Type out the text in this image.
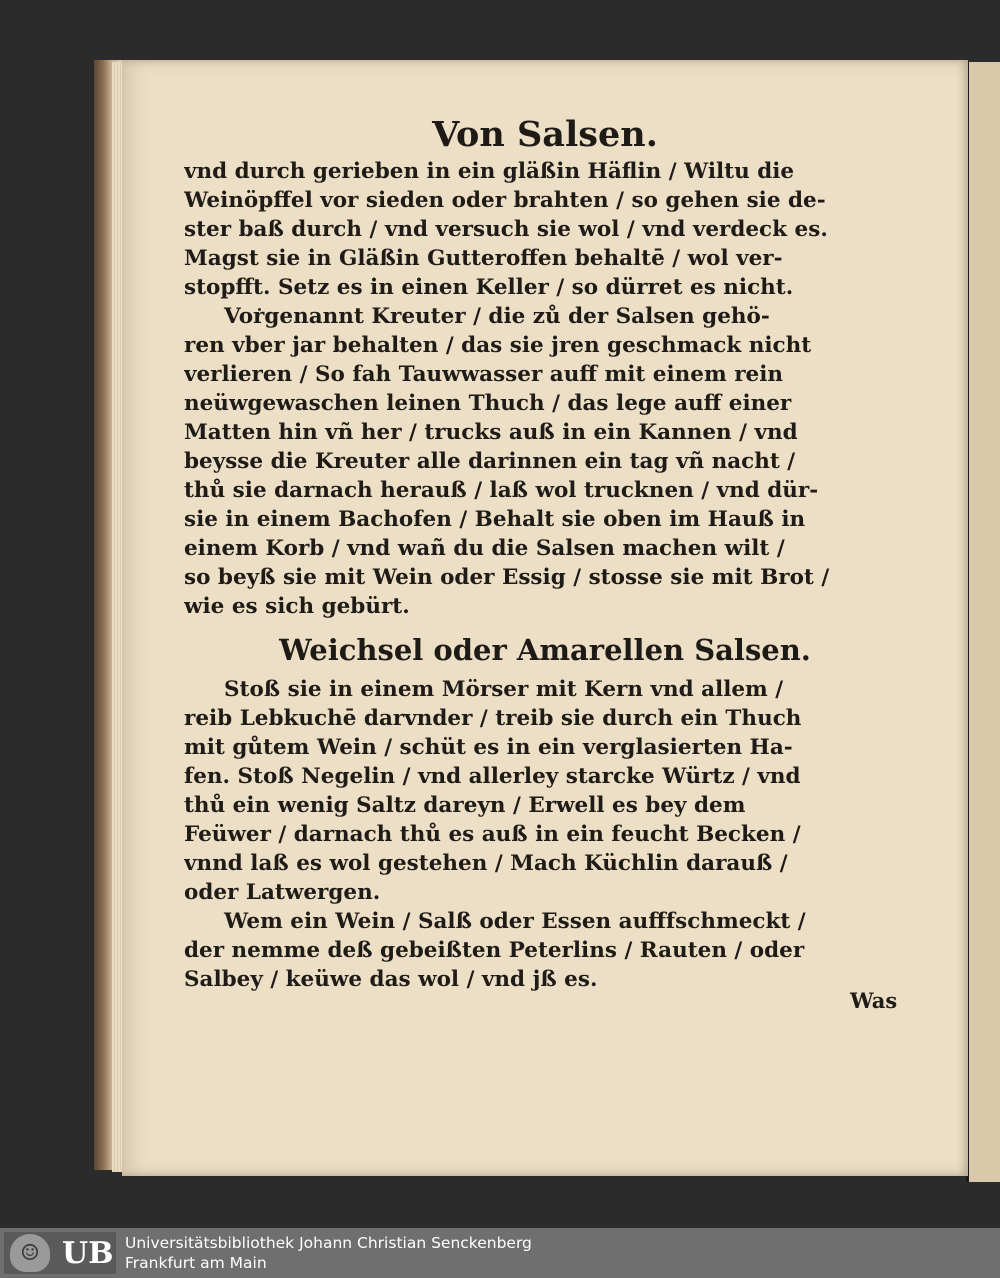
Von Salsen.
vnd durch gerieben in ein gläßin Häflin / Wiltu die
Weinöpffel vor sieden oder brahten / so gehen sie de-
ster baß durch / vnd versuch sie wol / vnd verdeck es.
Magst sie in Gläßin Gutteroffen behaltē / wol ver-
stopfft. Setz es in einen Keller / so dürret es nicht.
Vorgenannt Kreuter / die zů der Salsen gehö-
ren vber jar behalten / das sie jren geschmack nicht
verlieren / So fah Tauwwasser auff mit einem rein
neüwgewaschen leinen Thuch / das lege auff einer
Matten hin vñ her / trucks auß in ein Kannen / vnd
beysse die Kreuter alle darinnen ein tag vñ nacht /
thů sie darnach herauß / laß wol trucknen / vnd dür-
sie in einem Bachofen / Behalt sie oben im Hauß in
einem Korb / vnd wañ du die Salsen machen wilt /
so beyß sie mit Wein oder Essig / stosse sie mit Brot /
wie es sich gebürt.
Weichsel oder Amarellen Salsen.
Stoß sie in einem Mörser mit Kern vnd allem /
reib Lebkuchē darvnder / treib sie durch ein Thuch
mit gůtem Wein / schüt es in ein verglasierten Ha-
fen. Stoß Negelin / vnd allerley starcke Würtz / vnd
thů ein wenig Saltz dareyn / Erwell es bey dem
Feüwer / darnach thů es auß in ein feucht Becken /
vnnd laß es wol gestehen / Mach Küchlin darauß /
oder Latwergen.
Wem ein Wein / Salß oder Essen aufffschmeckt /
der nemme deß gebeißten Peterlins / Rauten / oder
Salbey / keüwe das wol / vnd jß es.
Was
☺ UB Universitätsbibliothek Johann Christian Senckenberg
Frankfurt am Main
